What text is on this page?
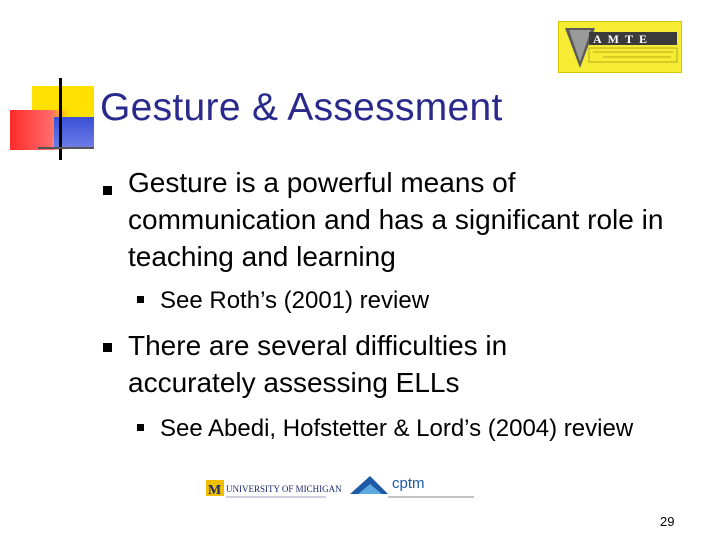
Gesture & Assessment
AMTE
Gesture is a powerful means of communication and has a significant role in teaching and learning
See Roth’s (2001) review
There are several difficulties in accurately assessing ELLs
See Abedi, Hofstetter & Lord’s (2004) review
M UNIVERSITY OF MICHIGAN	cptm
29
